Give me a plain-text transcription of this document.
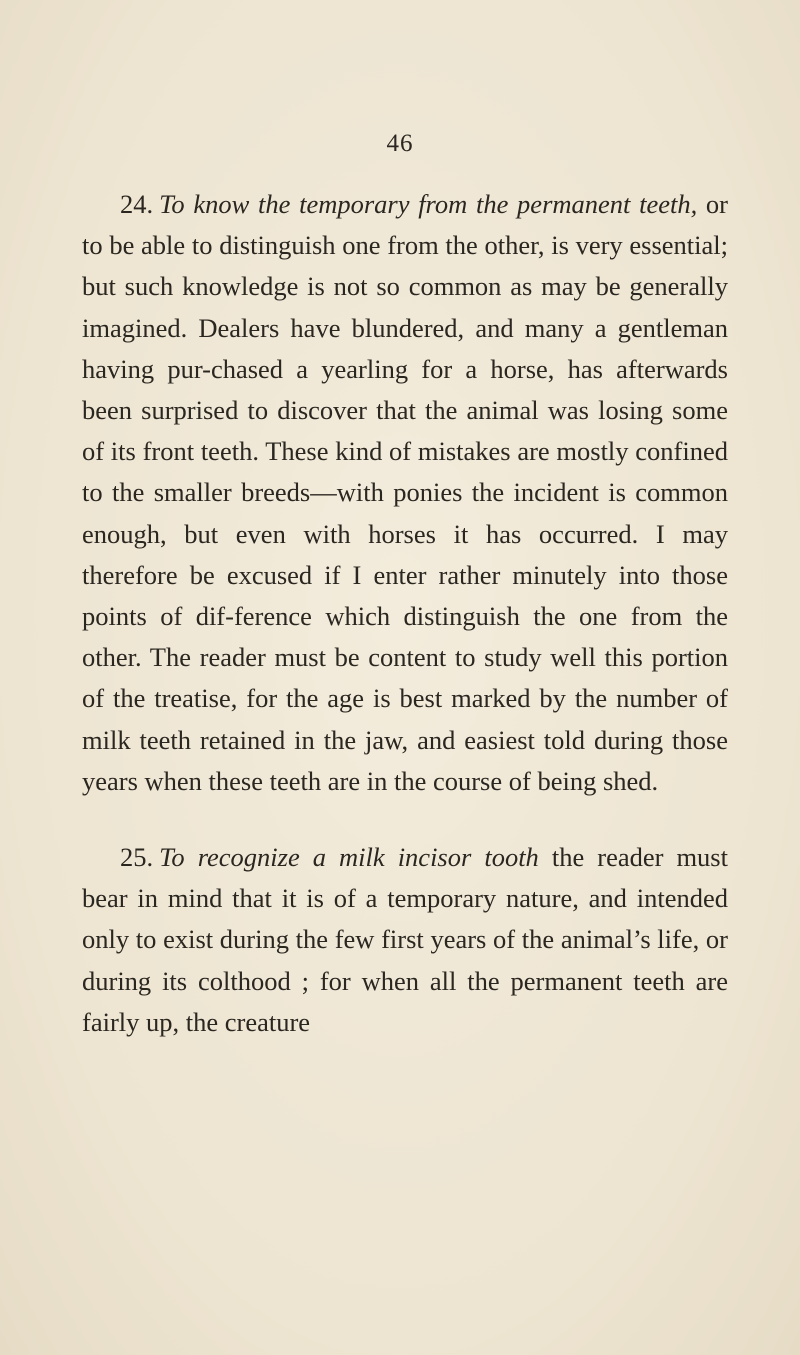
46

24. To know the temporary from the permanent teeth, or to be able to distinguish one from the other, is very essential; but such knowledge is not so common as may be generally imagined. Dealers have blundered, and many a gentleman having pur-chased a yearling for a horse, has afterwards been surprised to discover that the animal was losing some of its front teeth. These kind of mistakes are mostly confined to the smaller breeds—with ponies the incident is common enough, but even with horses it has occurred. I may therefore be excused if I enter rather minutely into those points of dif-ference which distinguish the one from the other. The reader must be content to study well this portion of the treatise, for the age is best marked by the number of milk teeth retained in the jaw, and easiest told during those years when these teeth are in the course of being shed.

25. To recognize a milk incisor tooth the reader must bear in mind that it is of a temporary nature, and intended only to exist during the few first years of the animal’s life, or during its colthood ; for when all the permanent teeth are fairly up, the creature
